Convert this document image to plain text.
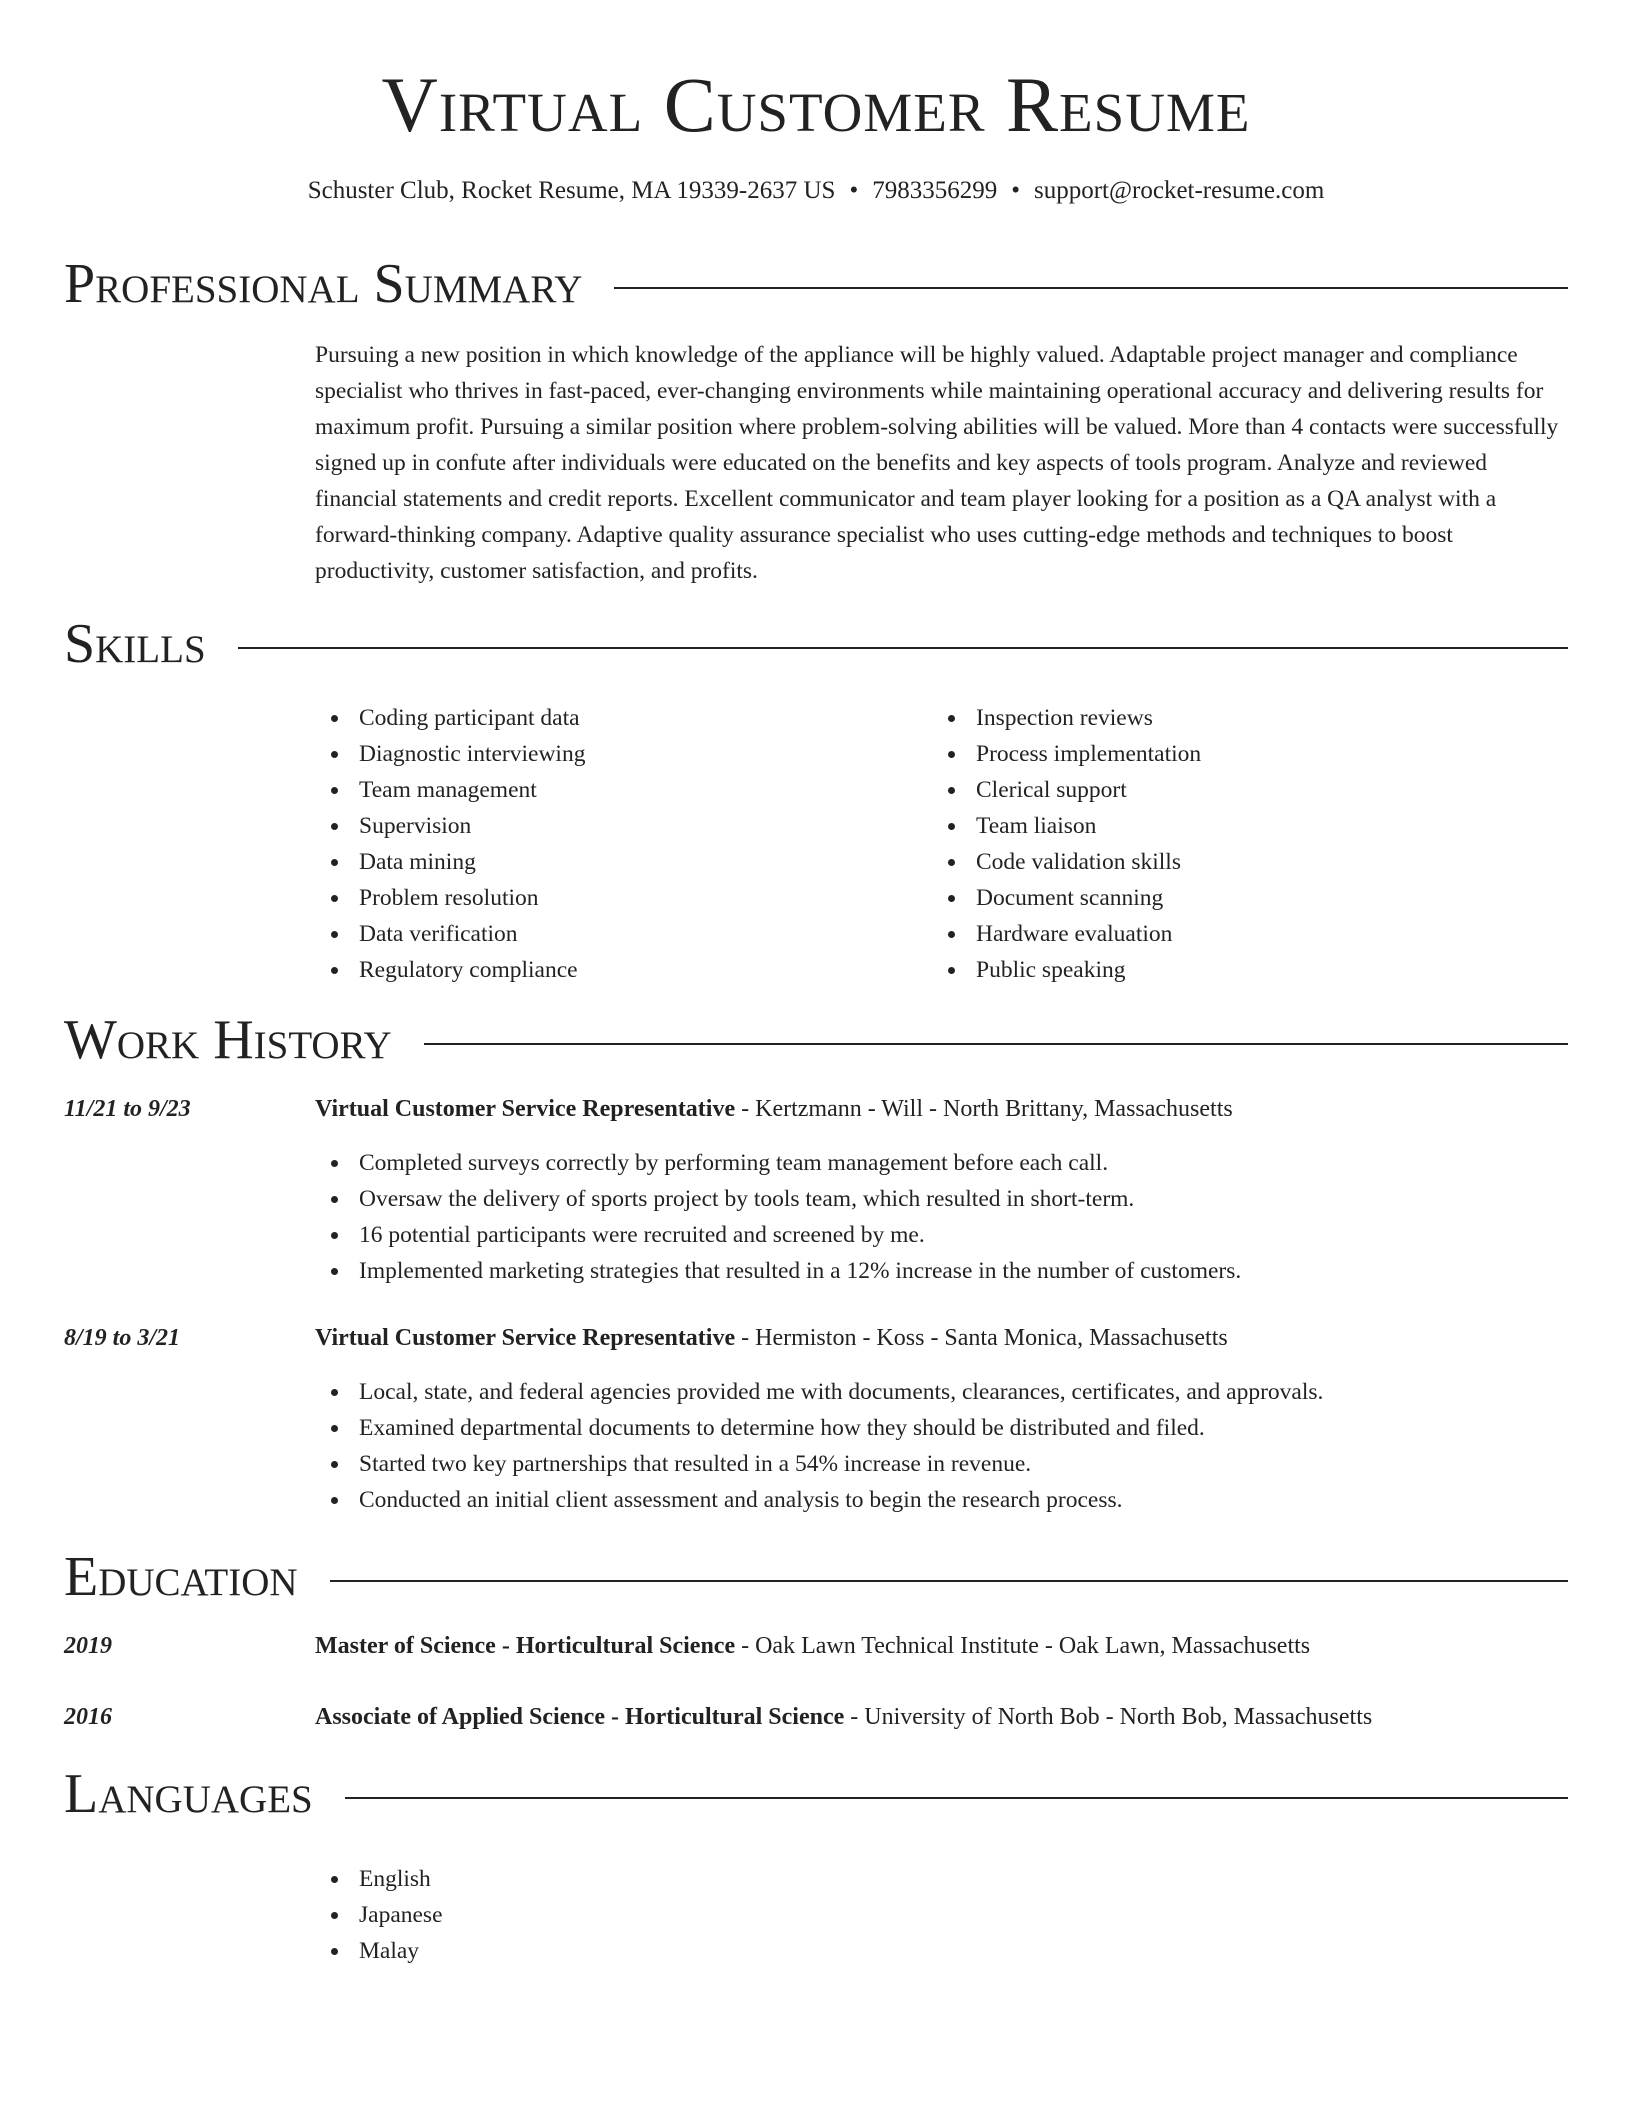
Virtual Customer Resume
Schuster Club, Rocket Resume, MA 19339-2637 US • 7983356299 • support@rocket-resume.com
Professional Summary

Pursuing a new position in which knowledge of the appliance will be highly valued. Adaptable project manager and compliance specialist who thrives in fast-paced, ever-changing environments while maintaining operational accuracy and delivering results for maximum profit. Pursuing a similar position where problem-solving abilities will be valued. More than 4 contacts were successfully signed up in confute after individuals were educated on the benefits and key aspects of tools program. Analyze and reviewed financial statements and credit reports. Excellent communicator and team player looking for a position as a QA analyst with a forward-thinking company. Adaptive quality assurance specialist who uses cutting-edge methods and techniques to boost productivity, customer satisfaction, and profits.

Skills
Coding participant data
Diagnostic interviewing
Team management
Supervision
Data mining
Problem resolution
Data verification
Regulatory compliance
Inspection reviews
Process implementation
Clerical support
Team liaison
Code validation skills
Document scanning
Hardware evaluation
Public speaking
Work History
11/21 to 9/23	Virtual Customer Service Representative - Kertzmann - Will - North Brittany, Massachusetts
Completed surveys correctly by performing team management before each call.
Oversaw the delivery of sports project by tools team, which resulted in short-term.
16 potential participants were recruited and screened by me.
Implemented marketing strategies that resulted in a 12% increase in the number of customers.
8/19 to 3/21	Virtual Customer Service Representative - Hermiston - Koss - Santa Monica, Massachusetts
Local, state, and federal agencies provided me with documents, clearances, certificates, and approvals.
Examined departmental documents to determine how they should be distributed and filed.
Started two key partnerships that resulted in a 54% increase in revenue.
Conducted an initial client assessment and analysis to begin the research process.
Education
2019	Master of Science - Horticultural Science - Oak Lawn Technical Institute - Oak Lawn, Massachusetts
2016	Associate of Applied Science - Horticultural Science - University of North Bob - North Bob, Massachusetts
Languages
English
Japanese
Malay
